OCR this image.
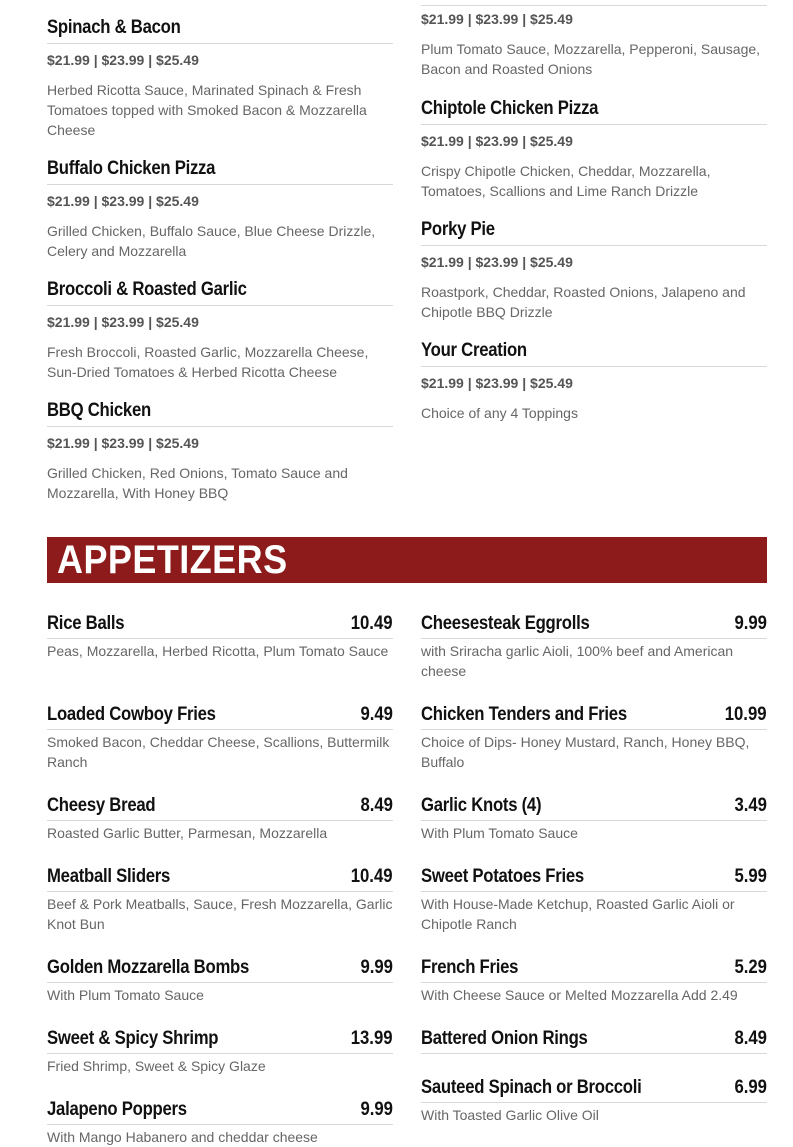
Spinach & Bacon
$21.99 | $23.99 | $25.49
Herbed Ricotta Sauce, Marinated Spinach & Fresh Tomatoes topped with Smoked Bacon & Mozzarella Cheese
Buffalo Chicken Pizza
$21.99 | $23.99 | $25.49
Grilled Chicken, Buffalo Sauce, Blue Cheese Drizzle, Celery and Mozzarella
Broccoli & Roasted Garlic
$21.99 | $23.99 | $25.49
Fresh Broccoli, Roasted Garlic, Mozzarella Cheese, Sun-Dried Tomatoes & Herbed Ricotta Cheese
BBQ Chicken
$21.99 | $23.99 | $25.49
Grilled Chicken, Red Onions, Tomato Sauce and Mozzarella, With Honey BBQ
$21.99 | $23.99 | $25.49
Plum Tomato Sauce, Mozzarella, Pepperoni, Sausage, Bacon and Roasted Onions
Chiptole Chicken Pizza
$21.99 | $23.99 | $25.49
Crispy Chipotle Chicken, Cheddar, Mozzarella, Tomatoes, Scallions and Lime Ranch Drizzle
Porky Pie
$21.99 | $23.99 | $25.49
Roastpork, Cheddar, Roasted Onions, Jalapeno and Chipotle BBQ Drizzle
Your Creation
$21.99 | $23.99 | $25.49
Choice of any 4 Toppings
APPETIZERS
Rice Balls	10.49
Peas, Mozzarella, Herbed Ricotta, Plum Tomato Sauce
Loaded Cowboy Fries	9.49
Smoked Bacon, Cheddar Cheese, Scallions, Buttermilk Ranch
Cheesy Bread	8.49
Roasted Garlic Butter, Parmesan, Mozzarella
Meatball Sliders	10.49
Beef & Pork Meatballs, Sauce, Fresh Mozzarella, Garlic Knot Bun
Golden Mozzarella Bombs	9.99
With Plum Tomato Sauce
Sweet & Spicy Shrimp	13.99
Fried Shrimp, Sweet & Spicy Glaze
Jalapeno Poppers	9.99
With Mango Habanero and cheddar cheese
Cheesesteak Eggrolls	9.99
with Sriracha garlic Aioli, 100% beef and American cheese
Chicken Tenders and Fries	10.99
Choice of Dips- Honey Mustard, Ranch, Honey BBQ, Buffalo
Garlic Knots (4)	3.49
With Plum Tomato Sauce
Sweet Potatoes Fries	5.99
With House-Made Ketchup, Roasted Garlic Aioli or Chipotle Ranch
French Fries	5.29
With Cheese Sauce or Melted Mozzarella Add 2.49
Battered Onion Rings	8.49
Sauteed Spinach or Broccoli	6.99
With Toasted Garlic Olive Oil
